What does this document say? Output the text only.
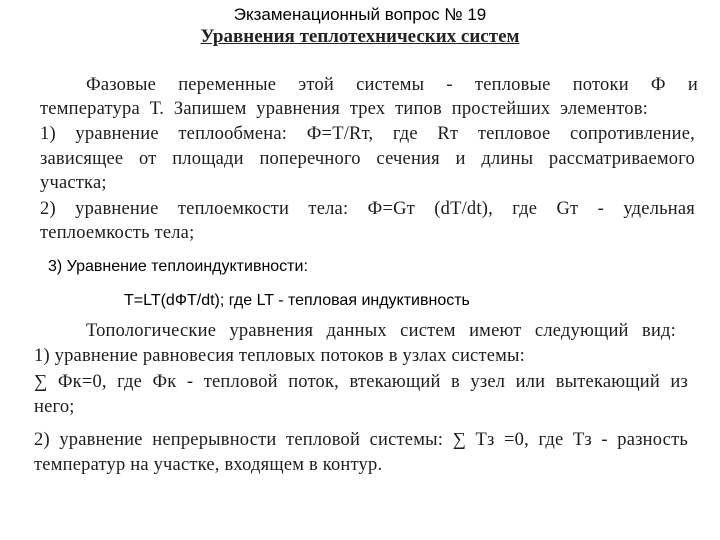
Экзаменационный вопрос № 19
Уравнения теплотехнических систем
Фазовые переменные этой системы - тепловые потоки Ф и
температура Т. Запишем уравнения трех типов простейших элементов:
1) уравнение теплообмена: Ф=Т/Rт, где Rт тепловое сопротивление,
зависящее от площади поперечного сечения и длины рассматриваемого
участка;
2) уравнение теплоемкости тела: Ф=Gт (dT/dt), где Gт - удельная
теплоемкость тела;
3) Уравнение теплоиндуктивности:
T=LT(dФT/dt); где LT - тепловая индуктивность
Топологические уравнения данных систем имеют следующий вид:
1) уравнение равновесия тепловых потоков в узлах системы:
∑ Фк=0, где Фк - тепловой поток, втекающий в узел или вытекающий из
него;
2) уравнение непрерывности тепловой системы: ∑ Тз =0, где Тз - разность
температур на участке, входящем в контур.
